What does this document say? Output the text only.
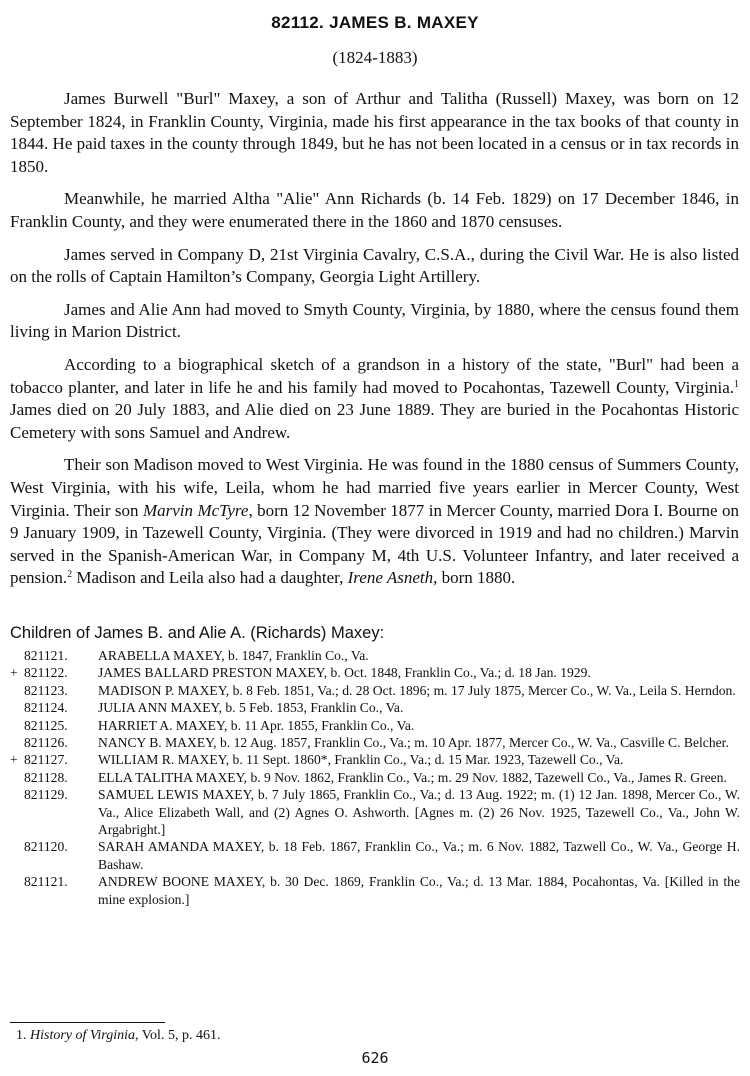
82112. JAMES B. MAXEY
(1824-1883)

James Burwell "Burl" Maxey, a son of Arthur and Talitha (Russell) Maxey, was born on 12 September 1824, in Franklin County, Virginia, made his first appearance in the tax books of that county in 1844. He paid taxes in the county through 1849, but he has not been located in a census or in tax records in 1850.

Meanwhile, he married Altha "Alie" Ann Richards (b. 14 Feb. 1829) on 17 December 1846, in Franklin County, and they were enumerated there in the 1860 and 1870 censuses.

James served in Company D, 21st Virginia Cavalry, C.S.A., during the Civil War. He is also listed on the rolls of Captain Hamilton’s Company, Georgia Light Artillery.

James and Alie Ann had moved to Smyth County, Virginia, by 1880, where the census found them living in Marion District.

According to a biographical sketch of a grandson in a history of the state, "Burl" had been a tobacco planter, and later in life he and his family had moved to Pocahontas, Tazewell County, Virginia.$^1$ James died on 20 July 1883, and Alie died on 23 June 1889. They are buried in the Pocahontas Historic Cemetery with sons Samuel and Andrew.

Their son Madison moved to West Virginia. He was found in the 1880 census of Summers County, West Virginia, with his wife, Leila, whom he had married five years earlier in Mercer County, West Virginia. Their son Marvin McTyre, born 12 November 1877 in Mercer County, married Dora I. Bourne on 9 January 1909, in Tazewell County, Virginia. (They were divorced in 1919 and had no children.) Marvin served in the Spanish-American War, in Company M, 4th U.S. Volunteer Infantry, and later received a pension.$^2$ Madison and Leila also had a daughter, Irene Asneth, born 1880.

Children of James B. and Alie A. (Richards) Maxey:
821121.	ARABELLA MAXEY, b. 1847, Franklin Co., Va.
+ 821122.	JAMES BALLARD PRESTON MAXEY, b. Oct. 1848, Franklin Co., Va.; d. 18 Jan. 1929.
821123.	MADISON P. MAXEY, b. 8 Feb. 1851, Va.; d. 28 Oct. 1896; m. 17 July 1875, Mercer Co., W. Va., Leila S. Herndon.
821124.	JULIA ANN MAXEY, b. 5 Feb. 1853, Franklin Co., Va.
821125.	HARRIET A. MAXEY, b. 11 Apr. 1855, Franklin Co., Va.
821126.	NANCY B. MAXEY, b. 12 Aug. 1857, Franklin Co., Va.; m. 10 Apr. 1877, Mercer Co., W. Va., Casville C. Belcher.
+ 821127.	WILLIAM R. MAXEY, b. 11 Sept. 1860*, Franklin Co., Va.; d. 15 Mar. 1923, Tazewell Co., Va.
821128.	ELLA TALITHA MAXEY, b. 9 Nov. 1862, Franklin Co., Va.; m. 29 Nov. 1882, Tazewell Co., Va., James R. Green.
821129.	SAMUEL LEWIS MAXEY, b. 7 July 1865, Franklin Co., Va.; d. 13 Aug. 1922; m. (1) 12 Jan. 1898, Mercer Co., W. Va., Alice Elizabeth Wall, and (2) Agnes O. Ashworth. [Agnes m. (2) 26 Nov. 1925, Tazewell Co., Va., John W. Argabright.]
821120.	SARAH AMANDA MAXEY, b. 18 Feb. 1867, Franklin Co., Va.; m. 6 Nov. 1882, Tazwell Co., W. Va., George H. Bashaw.
821121.	ANDREW BOONE MAXEY, b. 30 Dec. 1869, Franklin Co., Va.; d. 13 Mar. 1884, Pocahontas, Va. [Killed in the mine explosion.]
1. History of Virginia, Vol. 5, p. 461.
626
